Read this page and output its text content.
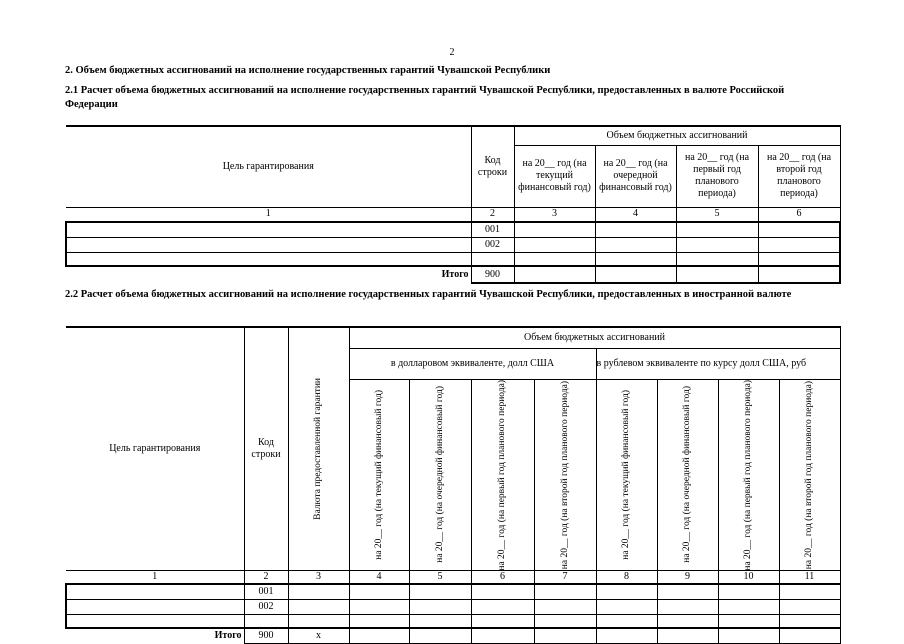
2
2. Объем бюджетных ассигнований на исполнение государственных гарантий Чувашской Республики
2.1 Расчет объема бюджетных ассигнований на исполнение государственных гарантий Чувашской Республики, предоставленных в валюте Российской Федерации
Цель гарантирования	Код строки	Объем бюджетных ассигнований			
		на 20__ год (на текущий финансовый год)	на 20__ год (на очередной финансовый год)	на 20__ год (на первый год планового периода)	на 20__ год (на второй год планового периода)
1	2	3	4	5	6
	001				
	002				

Итого	900				
2.2 Расчет объема бюджетных ассигнований на исполнение государственных гарантий Чувашской Республики, предоставленных в иностранной валюте
Цель гарантирования	Код строки	Валюта предоставленной гарантии	Объем бюджетных ассигнований							
			в долларовом эквиваленте, долл США				в рублевом эквиваленте по курсу долл США, руб			

			на 20__ год (на текущий финансовый год)	на 20__ год (на очередной финансовый год)	на 20__ год (на первый год планового периода)	на 20__ год (на второй год планового периода)	на 20__ год (на текущий финансовый год)	на 20__ год (на очередной финансовый год)	на 20__ год (на первый год планового периода)	на 20__ год (на второй год планового периода)

1	2	3	4	5	6	7	8	9	10	11
	001									
	002									

Итого	900	x								
